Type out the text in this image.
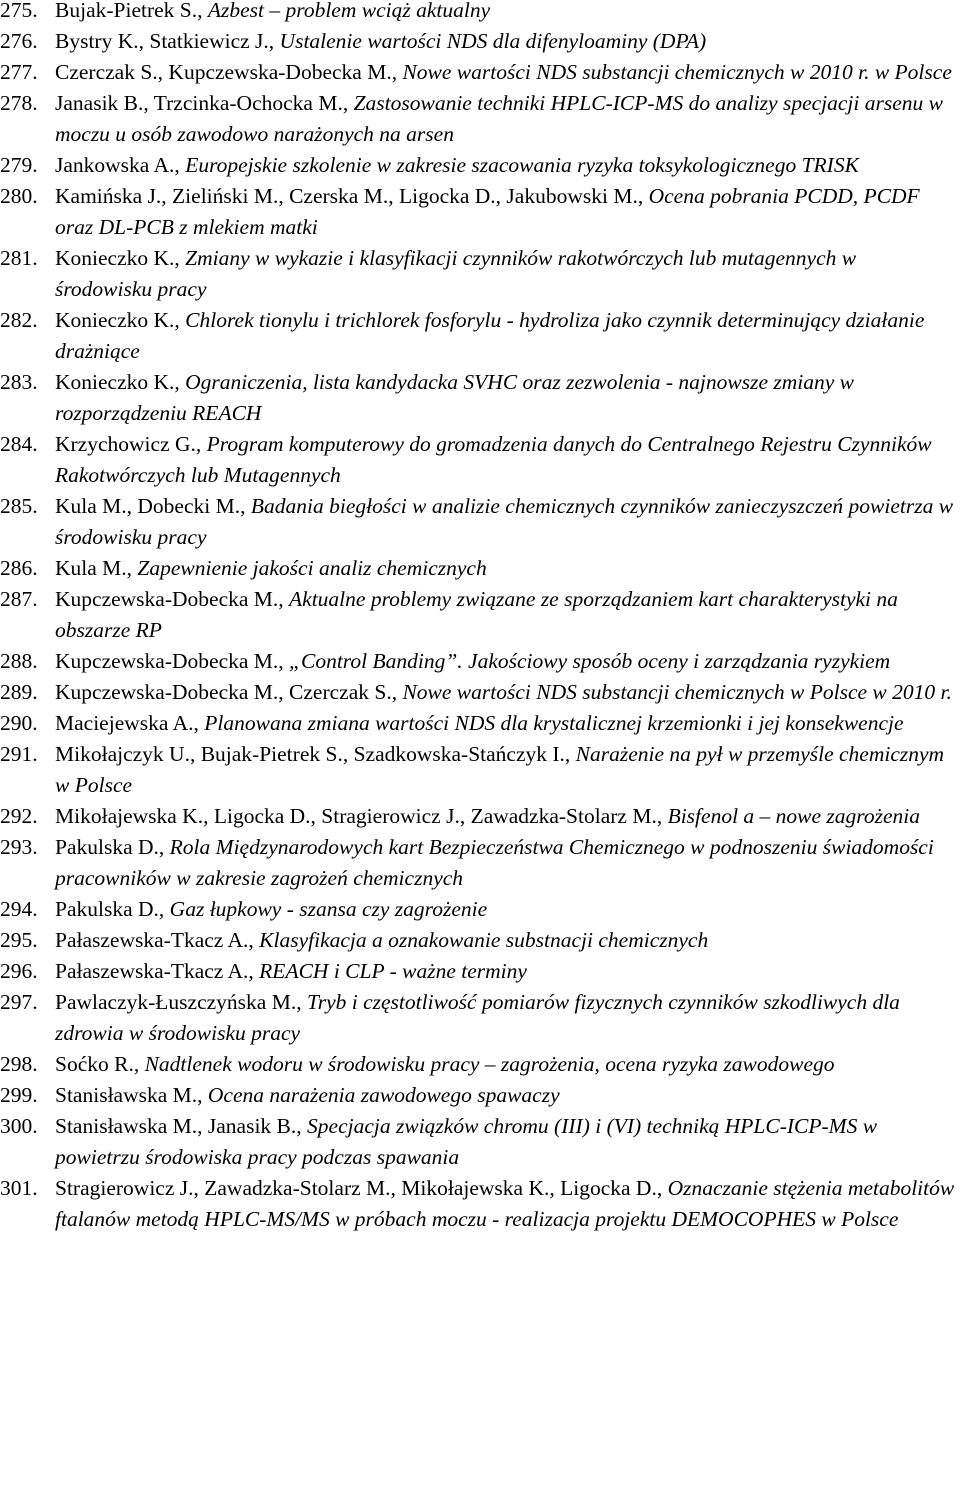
275. Bujak-Pietrek S., Azbest – problem wciąż aktualny
276. Bystry K., Statkiewicz J., Ustalenie wartości NDS dla difenyloaminy (DPA)
277. Czerczak S., Kupczewska-Dobecka M., Nowe wartości NDS substancji chemicznych w 2010 r. w Polsce
278. Janasik B., Trzcinka-Ochocka M., Zastosowanie techniki HPLC-ICP-MS do analizy specjacji arsenu w moczu u osób zawodowo narażonych na arsen
279. Jankowska A., Europejskie szkolenie w zakresie szacowania ryzyka toksykologicznego TRISK
280. Kamińska J., Zieliński M., Czerska M., Ligocka D., Jakubowski M., Ocena pobrania PCDD, PCDF oraz DL-PCB z mlekiem matki
281. Konieczko K., Zmiany w wykazie i klasyfikacji czynników rakotwórczych lub mutagennych w środowisku pracy
282. Konieczko K., Chlorek tionylu i trichlorek fosforylu - hydroliza jako czynnik determinujący działanie drażniące
283. Konieczko K., Ograniczenia, lista kandydacka SVHC oraz zezwolenia - najnowsze zmiany w rozporządzeniu REACH
284. Krzychowicz G., Program komputerowy do gromadzenia danych do Centralnego Rejestru Czynników Rakotwórczych lub Mutagennych
285. Kula M., Dobecki M., Badania biegłości w analizie chemicznych czynników zanieczyszczeń powietrza w środowisku pracy
286. Kula M., Zapewnienie jakości analiz chemicznych
287. Kupczewska-Dobecka M., Aktualne problemy związane ze sporządzaniem kart charakterystyki na obszarze RP
288. Kupczewska-Dobecka M., „Control Banding”. Jakościowy sposób oceny i zarządzania ryzykiem
289. Kupczewska-Dobecka M., Czerczak S., Nowe wartości NDS substancji chemicznych w Polsce w 2010 r.
290. Maciejewska A., Planowana zmiana wartości NDS dla krystalicznej krzemionki i jej konsekwencje
291. Mikołajczyk U., Bujak-Pietrek S., Szadkowska-Stańczyk I., Narażenie na pył w przemyśle chemicznym w Polsce
292. Mikołajewska K., Ligocka D., Stragierowicz J., Zawadzka-Stolarz M., Bisfenol a – nowe zagrożenia
293. Pakulska D., Rola Międzynarodowych kart Bezpieczeństwa Chemicznego w podnoszeniu świadomości pracowników w zakresie zagrożeń chemicznych
294. Pakulska D., Gaz łupkowy - szansa czy zagrożenie
295. Pałaszewska-Tkacz A., Klasyfikacja a oznakowanie substnacji chemicznych
296. Pałaszewska-Tkacz A., REACH i CLP - ważne terminy
297. Pawlaczyk-Łuszczyńska M., Tryb i częstotliwość pomiarów fizycznych czynników szkodliwych dla zdrowia w środowisku pracy
298. Soćko R., Nadtlenek wodoru w środowisku pracy – zagrożenia, ocena ryzyka zawodowego
299. Stanisławska M., Ocena narażenia zawodowego spawaczy
300. Stanisławska M., Janasik B., Specjacja związków chromu (III) i (VI) techniką HPLC-ICP-MS w powietrzu środowiska pracy podczas spawania
301. Stragierowicz J., Zawadzka-Stolarz M., Mikołajewska K., Ligocka D., Oznaczanie stężenia metabolitów ftalanów metodą HPLC-MS/MS w próbach moczu - realizacja projektu DEMOCOPHES w Polsce
